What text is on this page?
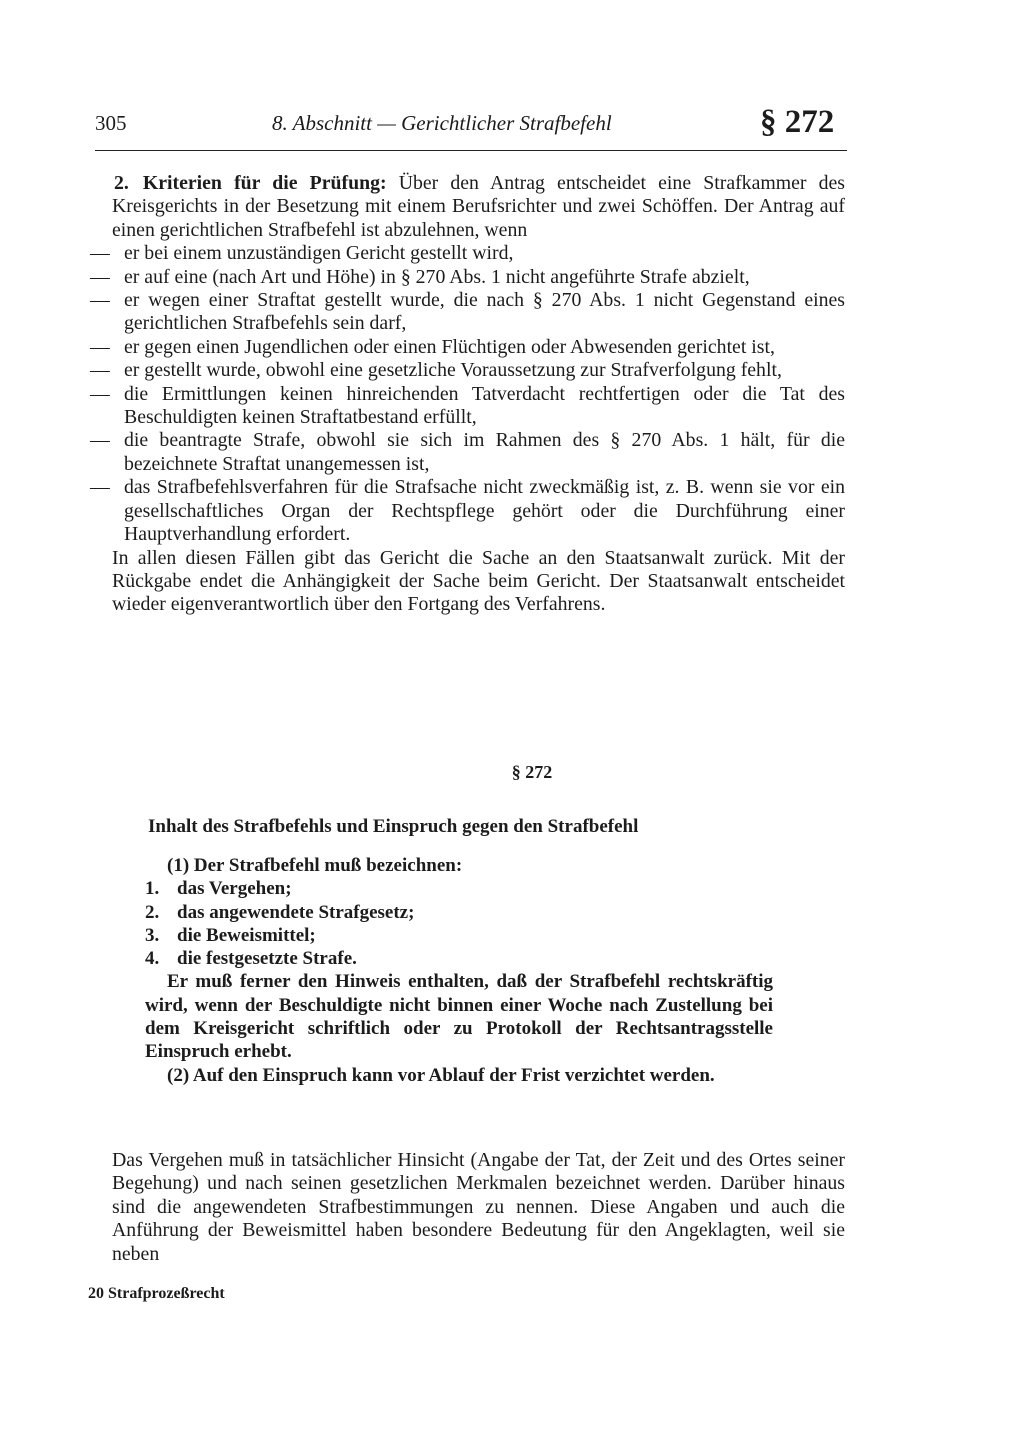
305	8. Abschnitt — Gerichtlicher Strafbefehl	§ 272

2. Kriterien für die Prüfung: Über den Antrag entscheidet eine Strafkammer des Kreisgerichts in der Besetzung mit einem Berufsrichter und zwei Schöffen. Der Antrag auf einen gerichtlichen Strafbefehl ist abzulehnen, wenn

— er bei einem unzuständigen Gericht gestellt wird,
— er auf eine (nach Art und Höhe) in § 270 Abs. 1 nicht angeführte Strafe abzielt,
— er wegen einer Straftat gestellt wurde, die nach § 270 Abs. 1 nicht Gegenstand eines gerichtlichen Strafbefehls sein darf,
— er gegen einen Jugendlichen oder einen Flüchtigen oder Abwesenden gerichtet ist,
— er gestellt wurde, obwohl eine gesetzliche Voraussetzung zur Strafverfolgung fehlt,
— die Ermittlungen keinen hinreichenden Tatverdacht rechtfertigen oder die Tat des Beschuldigten keinen Straftatbestand erfüllt,
— die beantragte Strafe, obwohl sie sich im Rahmen des § 270 Abs. 1 hält, für die bezeichnete Straftat unangemessen ist,
— das Strafbefehlsverfahren für die Strafsache nicht zweckmäßig ist, z. B. wenn sie vor ein gesellschaftliches Organ der Rechtspflege gehört oder die Durchführung einer Hauptverhandlung erfordert.

In allen diesen Fällen gibt das Gericht die Sache an den Staatsanwalt zurück. Mit der Rückgabe endet die Anhängigkeit der Sache beim Gericht. Der Staatsanwalt entscheidet wieder eigenverantwortlich über den Fortgang des Verfahrens.

§ 272
Inhalt des Strafbefehls und Einspruch gegen den Strafbefehl

(1) Der Strafbefehl muß bezeichnen:

1. das Vergehen;
2. das angewendete Strafgesetz;
3. die Beweismittel;
4. die festgesetzte Strafe.

Er muß ferner den Hinweis enthalten, daß der Strafbefehl rechtskräftig wird, wenn der Beschuldigte nicht binnen einer Woche nach Zustellung bei dem Kreisgericht schriftlich oder zu Protokoll der Rechtsantragsstelle Einspruch erhebt.

(2) Auf den Einspruch kann vor Ablauf der Frist verzichtet werden.

Das Vergehen muß in tatsächlicher Hinsicht (Angabe der Tat, der Zeit und des Ortes seiner Begehung) und nach seinen gesetzlichen Merkmalen bezeichnet werden. Darüber hinaus sind die angewendeten Strafbestimmungen zu nennen. Diese Angaben und auch die Anführung der Beweismittel haben besondere Bedeutung für den Angeklagten, weil sie neben

20 Strafprozeßrecht
